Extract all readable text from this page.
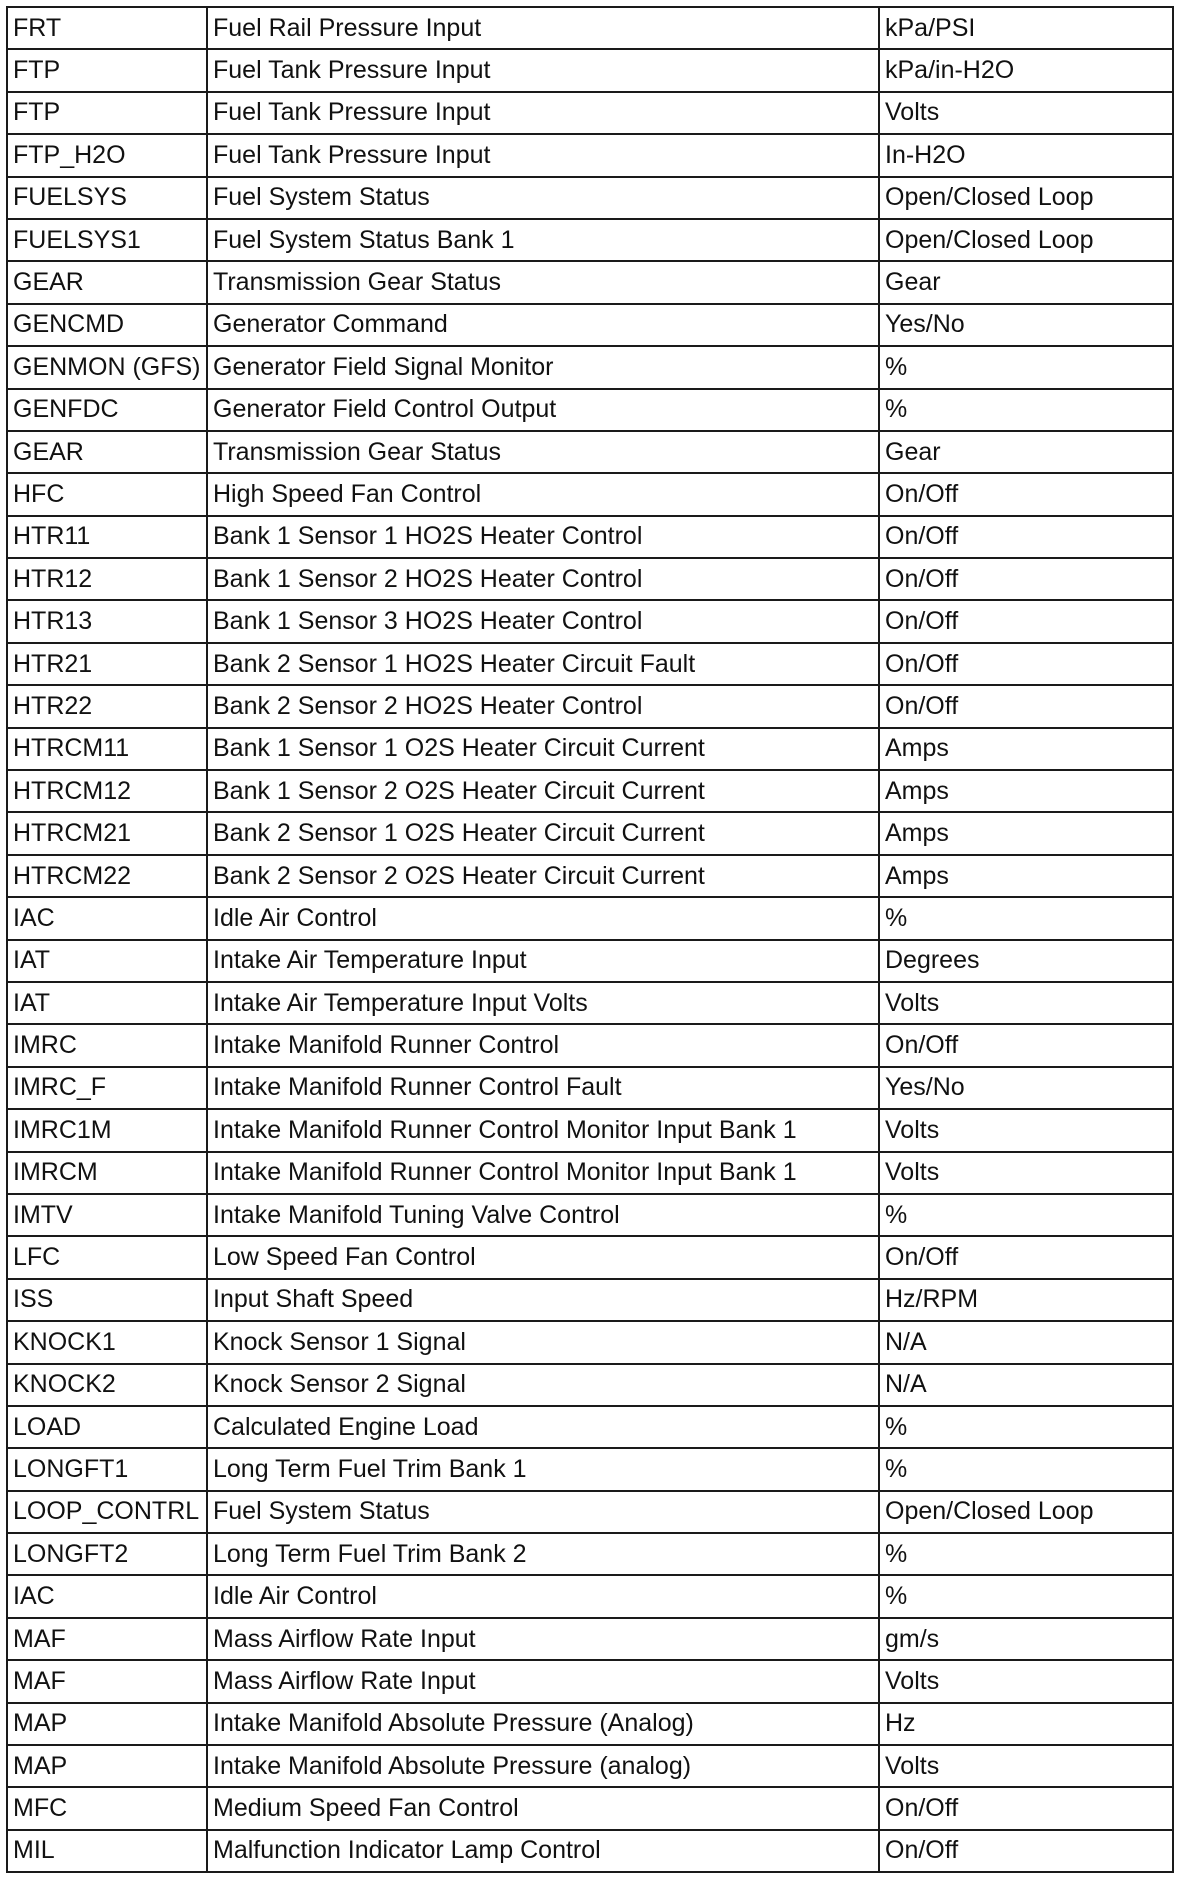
FRT	Fuel Rail Pressure Input	kPa/PSI
FTP	Fuel Tank Pressure Input	kPa/in-H2O
FTP	Fuel Tank Pressure Input	Volts
FTP_H2O	Fuel Tank Pressure Input	In-H2O
FUELSYS	Fuel System Status	Open/Closed Loop
FUELSYS1	Fuel System Status Bank 1	Open/Closed Loop
GEAR	Transmission Gear Status	Gear
GENCMD	Generator Command	Yes/No
GENMON (GFS)	Generator Field Signal Monitor	%
GENFDC	Generator Field Control Output	%
GEAR	Transmission Gear Status	Gear
HFC	High Speed Fan Control	On/Off
HTR11	Bank 1 Sensor 1 HO2S Heater Control	On/Off
HTR12	Bank 1 Sensor 2 HO2S Heater Control	On/Off
HTR13	Bank 1 Sensor 3 HO2S Heater Control	On/Off
HTR21	Bank 2 Sensor 1 HO2S Heater Circuit Fault	On/Off
HTR22	Bank 2 Sensor 2 HO2S Heater Control	On/Off
HTRCM11	Bank 1 Sensor 1 O2S Heater Circuit Current	Amps
HTRCM12	Bank 1 Sensor 2 O2S Heater Circuit Current	Amps
HTRCM21	Bank 2 Sensor 1 O2S Heater Circuit Current	Amps
HTRCM22	Bank 2 Sensor 2 O2S Heater Circuit Current	Amps
IAC	Idle Air Control	%
IAT	Intake Air Temperature Input	Degrees
IAT	Intake Air Temperature Input Volts	Volts
IMRC	Intake Manifold Runner Control	On/Off
IMRC_F	Intake Manifold Runner Control Fault	Yes/No
IMRC1M	Intake Manifold Runner Control Monitor Input Bank 1	Volts
IMRCM	Intake Manifold Runner Control Monitor Input Bank 1	Volts
IMTV	Intake Manifold Tuning Valve Control	%
LFC	Low Speed Fan Control	On/Off
ISS	Input Shaft Speed	Hz/RPM
KNOCK1	Knock Sensor 1 Signal	N/A
KNOCK2	Knock Sensor 2 Signal	N/A
LOAD	Calculated Engine Load	%
LONGFT1	Long Term Fuel Trim Bank 1	%
LOOP_CONTRL	Fuel System Status	Open/Closed Loop
LONGFT2	Long Term Fuel Trim Bank 2	%
IAC	Idle Air Control	%
MAF	Mass Airflow Rate Input	gm/s
MAF	Mass Airflow Rate Input	Volts
MAP	Intake Manifold Absolute Pressure (Analog)	Hz
MAP	Intake Manifold Absolute Pressure (analog)	Volts
MFC	Medium Speed Fan Control	On/Off
MIL	Malfunction Indicator Lamp Control	On/Off
